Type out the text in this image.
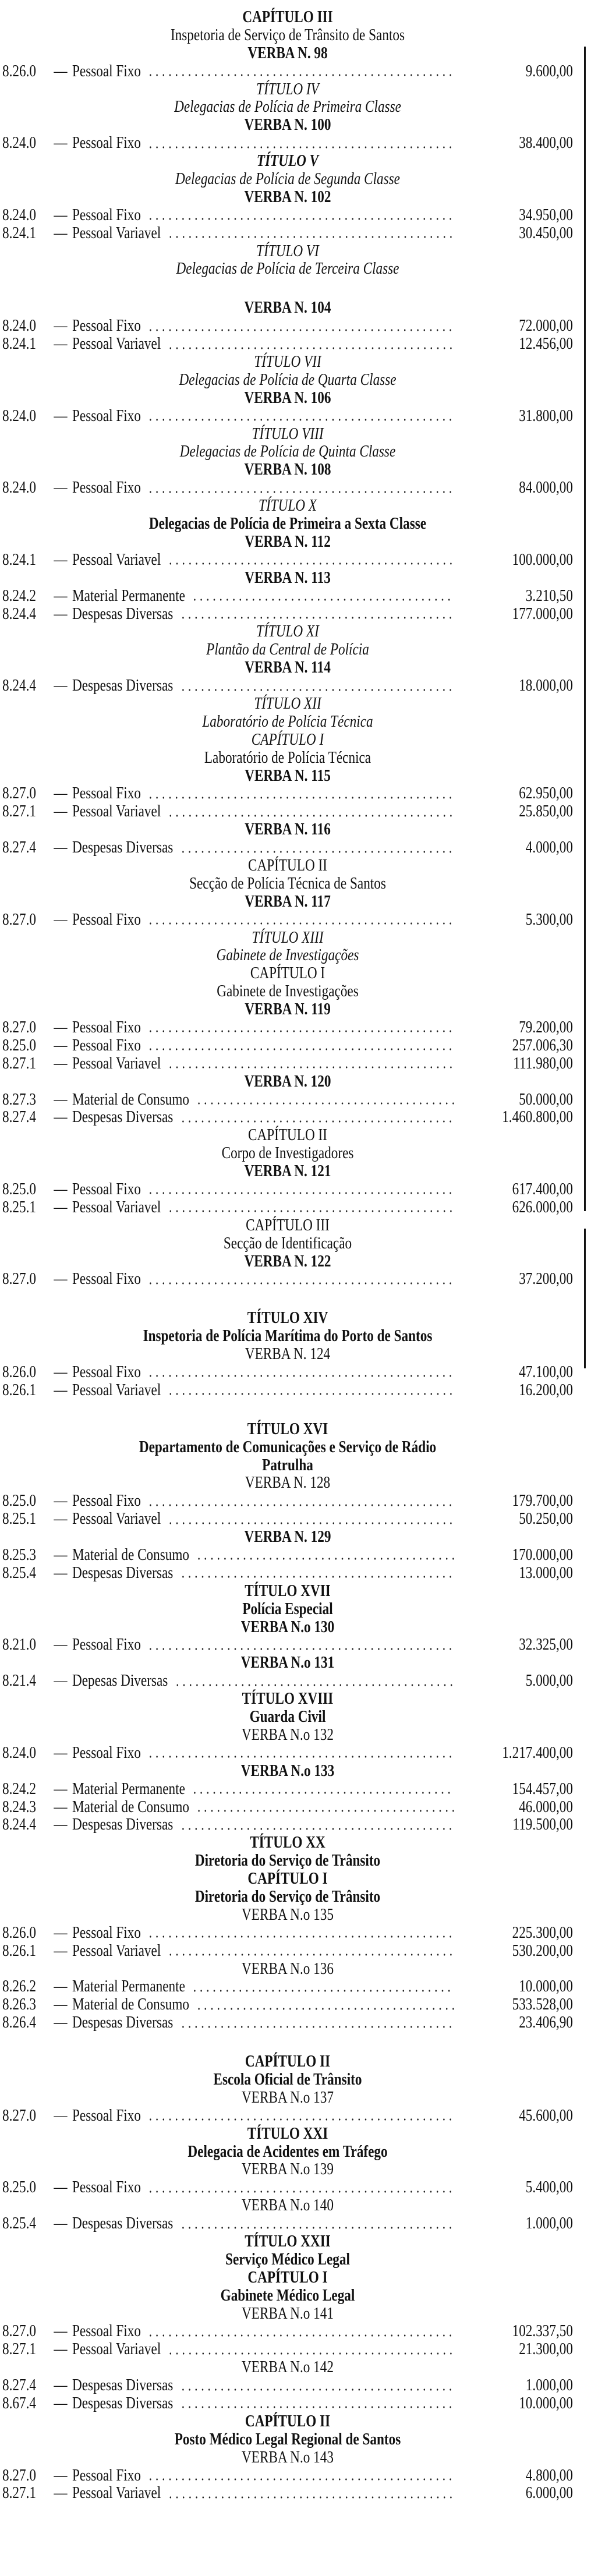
CAPÍTULO III
Inspetoria de Serviço de Trânsito de Santos
VERBA N. 98
8.26.0	— Pessoal Fixo	9.600,00
TÍTULO IV
Delegacias de Polícia de Primeira Classe
VERBA N. 100
8.24.0	— Pessoal Fixo	38.400,00
TÍTULO V
Delegacias de Polícia de Segunda Classe
VERBA N. 102
8.24.0	— Pessoal Fixo	34.950,00
8.24.1	— Pessoal Variavel	30.450,00
TÍTULO VI
Delegacias de Polícia de Terceira Classe
VERBA N. 104
8.24.0	— Pessoal Fixo	72.000,00
8.24.1	— Pessoal Variavel	12.456,00
TÍTULO VII
Delegacias de Polícia de Quarta Classe
VERBA N. 106
8.24.0	— Pessoal Fixo	31.800,00
TÍTULO VIII
Delegacias de Polícia de Quinta Classe
VERBA N. 108
8.24.0	— Pessoal Fixo	84.000,00
TÍTULO X
Delegacias de Polícia de Primeira a Sexta Classe
VERBA N. 112
8.24.1	— Pessoal Variavel	100.000,00
VERBA N. 113
8.24.2	— Material Permanente	3.210,50
8.24.4	— Despesas Diversas	177.000,00
TÍTULO XI
Plantão da Central de Polícia
VERBA N. 114
8.24.4	— Despesas Diversas	18.000,00
TÍTULO XII
Laboratório de Polícia Técnica
CAPÍTULO I
Laboratório de Polícia Técnica
VERBA N. 115
8.27.0	— Pessoal Fixo	62.950,00
8.27.1	— Pessoal Variavel	25.850,00
VERBA N. 116
8.27.4	— Despesas Diversas	4.000,00
CAPÍTULO II
Secção de Polícia Técnica de Santos
VERBA N. 117
8.27.0	— Pessoal Fixo	5.300,00
TÍTULO XIII
Gabinete de Investigações
CAPÍTULO I
Gabinete de Investigações
VERBA N. 119
8.27.0	— Pessoal Fixo	79.200,00
8.25.0	— Pessoal Fixo	257.006,30
8.27.1	— Pessoal Variavel	111.980,00
VERBA N. 120
8.27.3	— Material de Consumo	50.000,00
8.27.4	— Despesas Diversas	1.460.800,00
CAPÍTULO II
Corpo de Investigadores
VERBA N. 121
8.25.0	— Pessoal Fixo	617.400,00
8.25.1	— Pessoal Variavel	626.000,00
CAPÍTULO III
Secção de Identificação
VERBA N. 122
8.27.0	— Pessoal Fixo	37.200,00
TÍTULO XIV
Inspetoria de Polícia Marítima do Porto de Santos
VERBA N. 124
8.26.0	— Pessoal Fixo	47.100,00
8.26.1	— Pessoal Variavel	16.200,00
TÍTULO XVI
Departamento de Comunicações e Serviço de Rádio
Patrulha
VERBA N. 128
8.25.0	— Pessoal Fixo	179.700,00
8.25.1	— Pessoal Variavel	50.250,00
VERBA N. 129
8.25.3	— Material de Consumo	170.000,00
8.25.4	— Despesas Diversas	13.000,00
TÍTULO XVII
Polícia Especial
VERBA N.o 130
8.21.0	— Pessoal Fixo	32.325,00
VERBA N.o 131
8.21.4	— Depesas Diversas	5.000,00
TÍTULO XVIII
Guarda Civil
VERBA N.o 132
8.24.0	— Pessoal Fixo	1.217.400,00
VERBA N.o 133
8.24.2	— Material Permanente	154.457,00
8.24.3	— Material de Consumo	46.000,00
8.24.4	— Despesas Diversas	119.500,00
TÍTULO XX
Diretoria do Serviço de Trânsito
CAPÍTULO I
Diretoria do Serviço de Trânsito
VERBA N.o 135
8.26.0	— Pessoal Fixo	225.300,00
8.26.1	— Pessoal Variavel	530.200,00
VERBA N.o 136
8.26.2	— Material Permanente	10.000,00
8.26.3	— Material de Consumo	533.528,00
8.26.4	— Despesas Diversas	23.406,90
CAPÍTULO II
Escola Oficial de Trânsito
VERBA N.o 137
8.27.0	— Pessoal Fixo	45.600,00
TÍTULO XXI
Delegacia de Acidentes em Tráfego
VERBA N.o 139
8.25.0	— Pessoal Fixo	5.400,00
VERBA N.o 140
8.25.4	— Despesas Diversas	1.000,00
TÍTULO XXII
Serviço Médico Legal
CAPÍTULO I
Gabinete Médico Legal
VERBA N.o 141
8.27.0	— Pessoal Fixo	102.337,50
8.27.1	— Pessoal Variavel	21.300,00
VERBA N.o 142
8.27.4	— Despesas Diversas	1.000,00
8.67.4	— Despesas Diversas	10.000,00
CAPÍTULO II
Posto Médico Legal Regional de Santos
VERBA N.o 143
8.27.0	— Pessoal Fixo	4.800,00
8.27.1	— Pessoal Variavel	6.000,00
